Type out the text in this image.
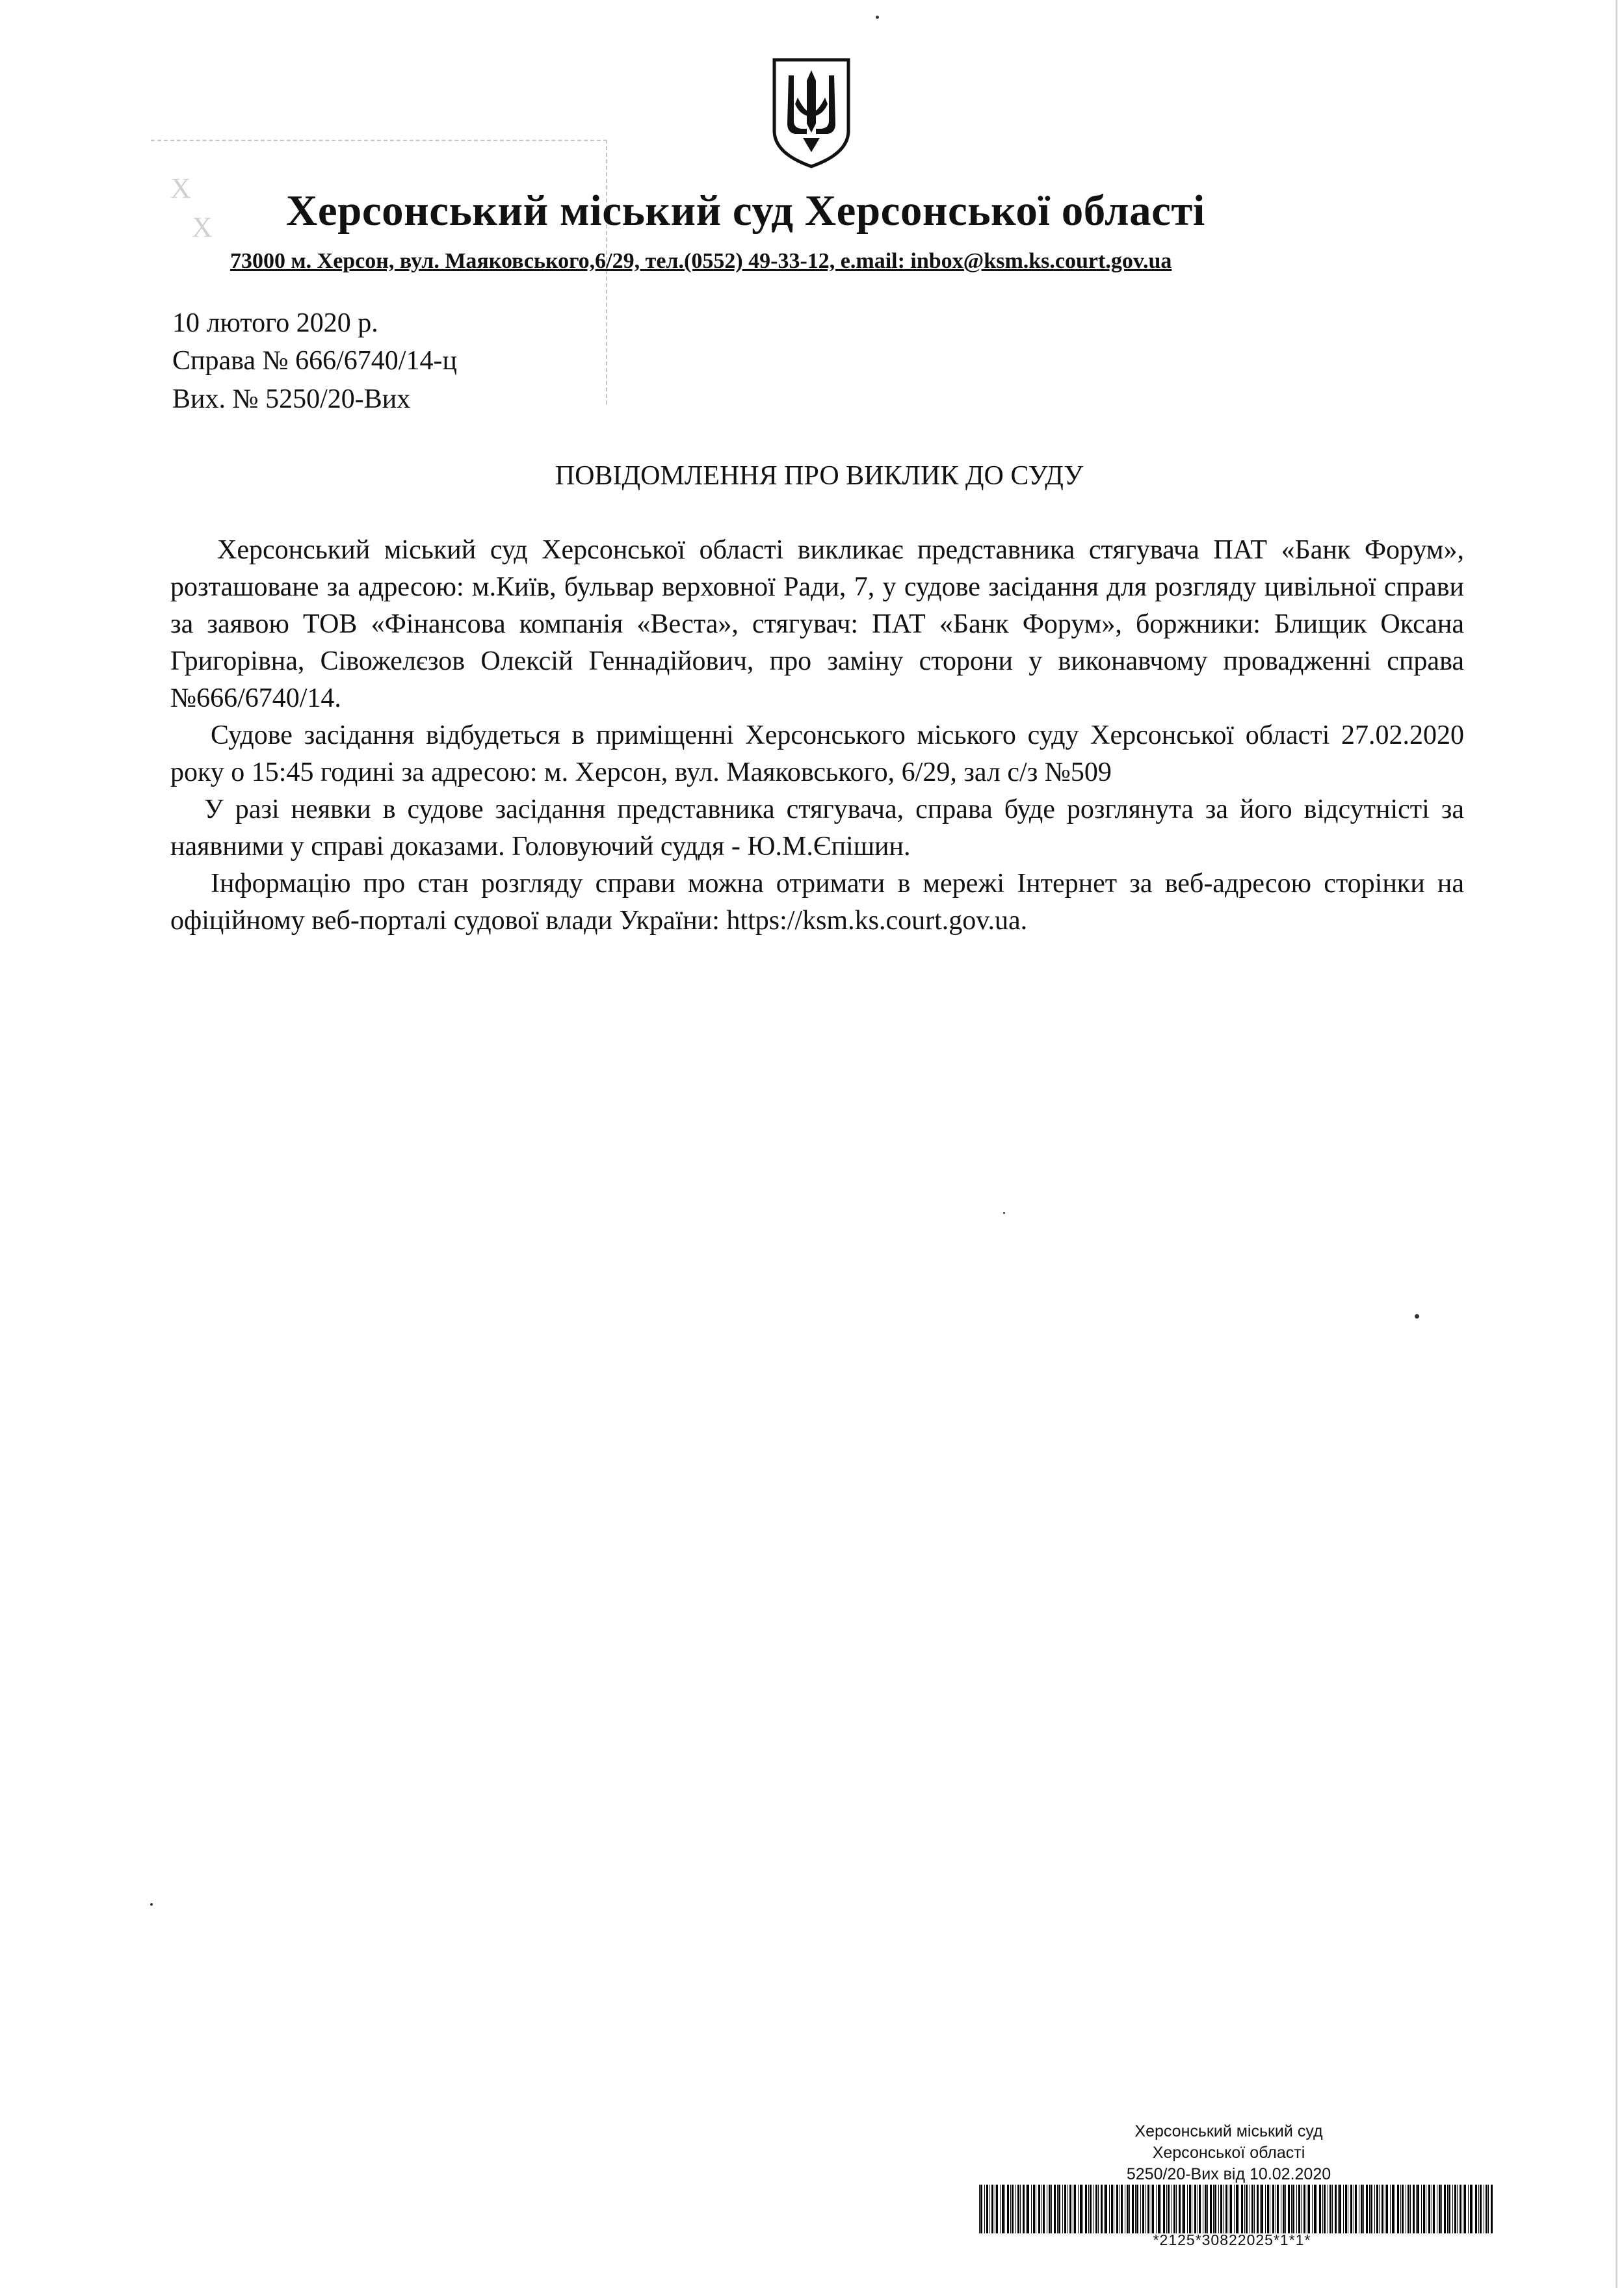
Х​
Х	Херсонський міський суд Херсонської області
73000 м. Херсон, вул. Маяковського,6/29, тел.(0552) 49-33-12, e.mail: inbox@ksm.ks.court.gov.ua
10 лютого 2020 р.
Справа № 666/6740/14-ц
Вих. № 5250/20-Вих
ПОВІДОМЛЕННЯ ПРО ВИКЛИК ДО СУДУ

Херсонський міський суд Херсонської області викликає представника стягувача ПАТ «Банк Форум», розташоване за адресою: м.Київ, бульвар верховної Ради, 7, у судове засідання для розгляду цивільної справи за заявою ТОВ «Фінансова компанія «Веста», стягувач: ПАТ «Банк Форум», боржники: Блищик Оксана Григорівна, Сівожелєзов Олексій Геннадійович, про заміну сторони у виконавчому провадженні справа №666/6740/14.

Судове засідання відбудеться в приміщенні Херсонського міського суду Херсонської області 27.02.2020 року о 15:45 годині за адресою: м. Херсон, вул. Маяковського, 6/29, зал с/з №509

У разі неявки в судове засідання представника стягувача, справа буде розглянута за його відсутністі за наявними у справі доказами. Головуючий суддя - Ю.М.Єпішин.

Інформацію про стан розгляду справи можна отримати в мережі Інтернет за веб-адресою сторінки на офіційному веб-порталі судової влади України: https://ksm.ks.court.gov.ua.

Херсонський міський суд
Херсонської області
5250/20-Вих від 10.02.2020
*2125*30822025*1*1*
